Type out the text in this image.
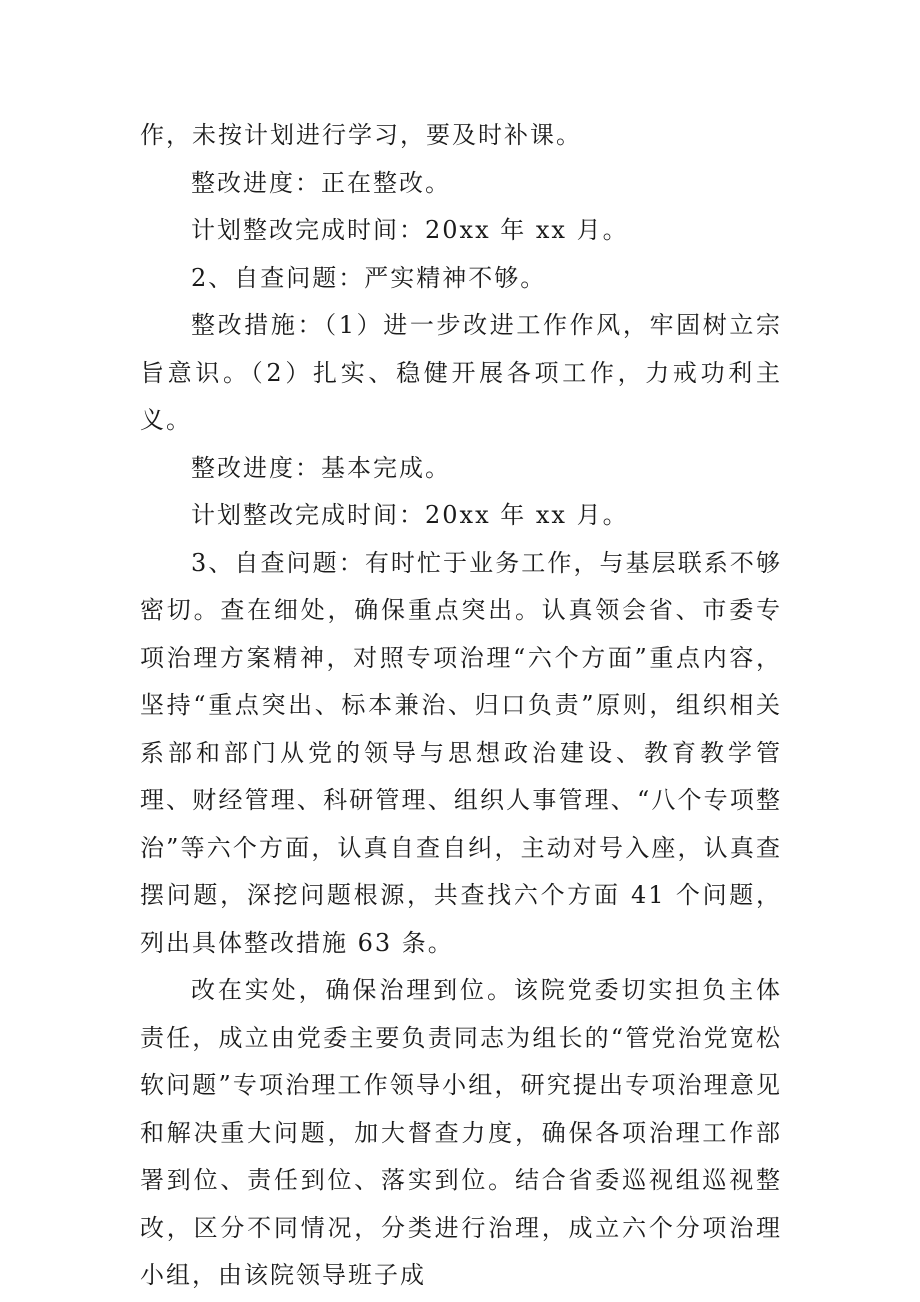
作，未按计划进行学习，要及时补课。

整改进度：正在整改。

计划整改完成时间：20xx 年 xx 月。

2、自查问题：严实精神不够。

整改措施：（1）进一步改进工作作风，牢固树立宗旨意识。（2）扎实、稳健开展各项工作，力戒功利主义。

整改进度：基本完成。

计划整改完成时间：20xx 年 xx 月。

3、自查问题：有时忙于业务工作，与基层联系不够密切。查在细处，确保重点突出。认真领会省、市委专项治理方案精神，对照专项治理“六个方面”重点内容，坚持“重点突出、标本兼治、归口负责”原则，组织相关系部和部门从党的领导与思想政治建设、教育教学管理、财经管理、科研管理、组织人事管理、“八个专项整治”等六个方面，认真自查自纠，主动对号入座，认真查摆问题，深挖问题根源，共查找六个方面 41 个问题，列出具体整改措施 63 条。

改在实处，确保治理到位。该院党委切实担负主体责任，成立由党委主要负责同志为组长的“管党治党宽松软问题”专项治理工作领导小组，研究提出专项治理意见和解决重大问题，加大督查力度，确保各项治理工作部署到位、责任到位、落实到位。结合省委巡视组巡视整改，区分不同情况，分类进行治理，成立六个分项治理小组，由该院领导班子成
